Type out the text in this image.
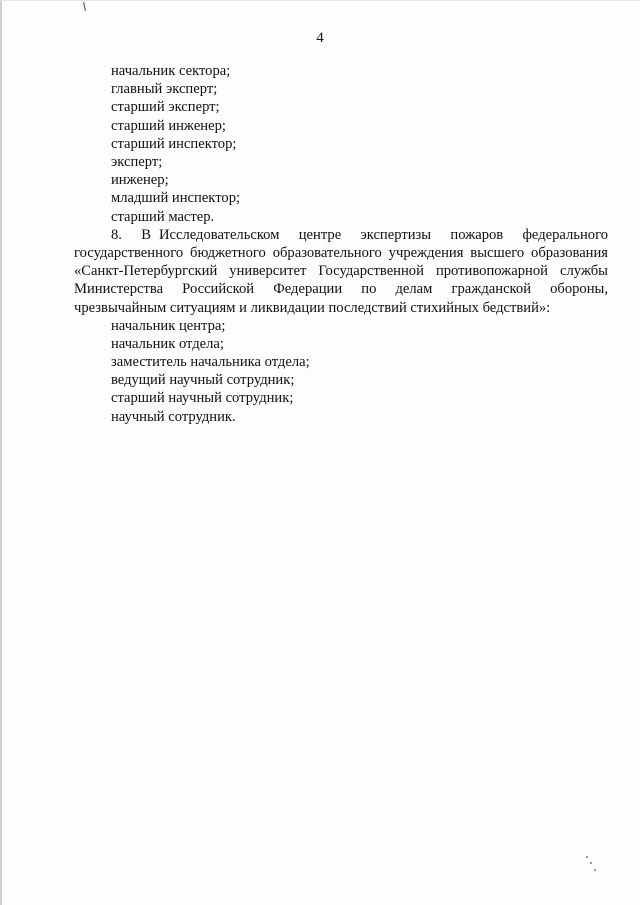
4
начальник сектора;
главный эксперт;
старший эксперт;
старший инженер;
старший инспектор;
эксперт;
инженер;
младший инспектор;
старший мастер.

8. В Исследовательском центре экспертизы пожаров федерального государственного бюджетного образовательного учреждения высшего образования «Санкт-Петербургский университет Государственной противопожарной службы Министерства Российской Федерации по делам гражданской обороны, чрезвычайным ситуациям и ликвидации последствий стихийных бедствий»:

начальник центра;
начальник отдела;
заместитель начальника отдела;
ведущий научный сотрудник;
старший научный сотрудник;
научный сотрудник.
